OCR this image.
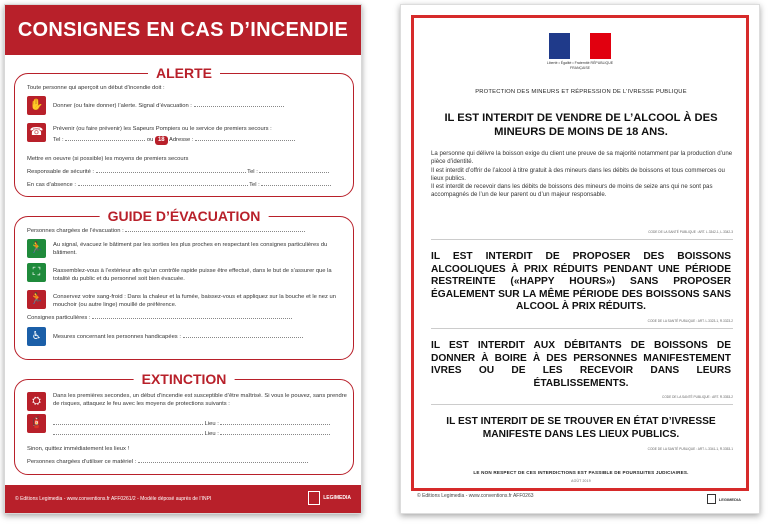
CONSIGNES EN CAS D’INCENDIE
ALERTE
Toute personne qui aperçoit un début d’incendie doit :
✋	Donner (ou faire donner) l’alerte. Signal d’évacuation :
☎	Prévenir (ou faire prévenir) les Sapeurs Pompiers ou le service de premiers secours :
Tel :	ou 18 Adresse :
Mettre en oeuvre (si possible) les moyens de premiers secours
Responsable de sécurité :	Tel :
En cas d’absence :	Tel :
GUIDE D’ÉVACUATION
Personnes chargées de l’évacuation :
🏃	Au signal, évacuez le bâtiment par les sorties les plus proches en respectant les consignes particulières du bâtiment.
⛶	Rassemblez-vous à l’extérieur afin qu’un contrôle rapide puisse être effectué, dans le but de s’assurer que la totalité du public et du personnel soit bien évacuée.
🏃	Conservez votre sang-froid : Dans la chaleur et la fumée, baissez-vous et appliquez sur la bouche et le nez un mouchoir (ou autre linge) mouillé de préférence.
Consignes particulières :
♿	Mesures concernant les personnes handicapées :
EXTINCTION
⛭
🧯
Dans les premières secondes, un début d’incendie est susceptible d’être maîtrisé. Si vous le pouvez, sans prendre de risques, attaquez le feu avec les moyens de protections suivants :
Lieu :
Lieu :
Sinon, quittez immédiatement les lieux !
Personnes chargées d’utiliser ce matériel :
© Editions Legimedia - www.conventions.fr AFF0261/2 - Modèle déposé auprès de l’INPI	LEGIMEDIA
Liberté • Égalité • Fraternité RÉPUBLIQUE FRANÇAISE
PROTECTION DES MINEURS ET RÉPRESSION DE L’IVRESSE PUBLIQUE
IL EST INTERDIT DE VENDRE DE L’ALCOOL À DES MINEURS DE MOINS DE 18 ANS.
La personne qui délivre la boisson exige du client une preuve de sa majorité notamment par la production d’une pièce d’identité.
Il est interdit d’offrir de l’alcool à titre gratuit à des mineurs dans les débits de boissons et tous commerces ou lieux publics.
Il est interdit de recevoir dans les débits de boissons des mineurs de moins de seize ans qui ne sont pas accompagnés de l’un de leur parent ou d’un majeur responsable.
CODE DE LA SANTÉ PUBLIQUE : ART. L.3342-1, L.3342-3
IL EST INTERDIT DE PROPOSER DES BOISSONS ALCOOLIQUES À PRIX RÉDUITS PENDANT UNE PÉRIODE RESTREINTE («HAPPY HOURS») SANS PROPOSER ÉGALEMENT SUR LA MÊME PÉRIODE DES BOISSONS SANS ALCOOL À PRIX RÉDUITS.
CODE DE LA SANTÉ PUBLIQUE : ART. L.3323-1, R.3323-2
IL EST INTERDIT AUX DÉBITANTS DE BOISSONS DE DONNER À BOIRE À DES PERSONNES MANIFESTEMENT IVRES OU DE LES RECEVOIR DANS LEURS ÉTABLISSEMENTS.
CODE DE LA SANTÉ PUBLIQUE : ART. R.3353-2
IL EST INTERDIT DE SE TROUVER EN ÉTAT D’IVRESSE MANIFESTE DANS LES LIEUX PUBLICS.
CODE DE LA SANTÉ PUBLIQUE : ART. L.3341-1, R.3353-1
LE NON RESPECT DE CES INTERDICTIONS EST PASSIBLE DE POURSUITES JUDICIAIRES.
AOÛT 2019
© Editions Legimedia - www.conventions.fr AFF0263	LEGIMEDIA
